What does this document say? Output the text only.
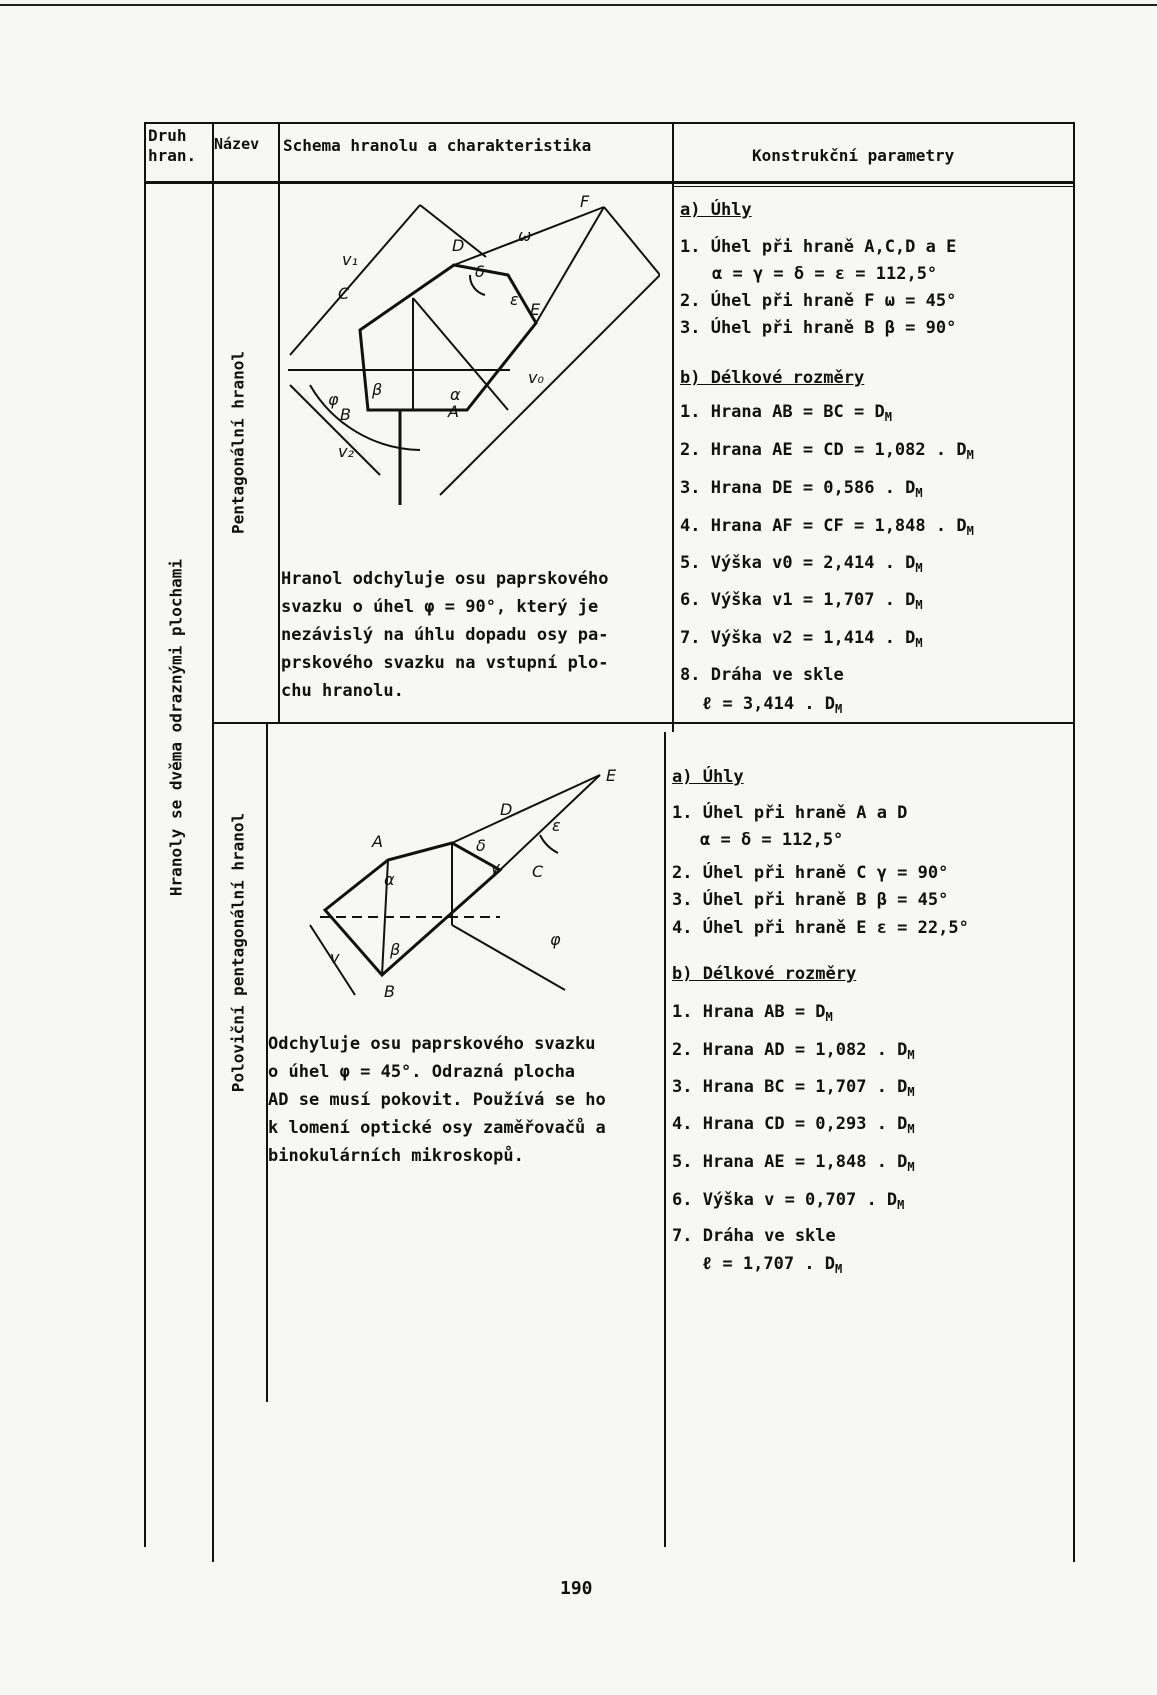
Druh
hran.
Název Schema hranolu a charakteristika
Konstrukční parametry
Hranoly se dvěma odraznými plochami
Pentagonální hranol
Poloviční pentagonální hranol
F
D
C
E
B	A
ω
δ
ε
α
β
v₁
v₀
v₂
φ
Hranol odchyluje osu paprskového
svazku o úhel φ = 90°, který je
nezávislý na úhlu dopadu osy pa-
prskového svazku na vstupní plo-
chu hranolu.
a) Úhly
1. Úhel při hraně A,C,D a E
α = γ = δ = ε = 112,5°
2. Úhel při hraně F ω = 45°
3. Úhel při hraně B β = 90°
b) Délkové rozměry
1. Hrana AB = BC = $D_M$
2. Hrana AE = CD = 1,082 . $D_M$
3. Hrana DE = 0,586 . $D_M$
4. Hrana AF = CF = 1,848 . $D_M$
5. Výška v0 = 2,414 . $D_M$
6. Výška v1 = 1,707 . $D_M$
7. Výška v2 = 1,414 . $D_M$
8. Dráha ve skle
ℓ = 3,414 . $D_M$
E
D
A
C
B
ε
δ
α
γ
β
v
φ
Odchyluje osu paprskového svazku
o úhel φ = 45°. Odrazná plocha
AD se musí pokovit. Používá se ho
k lomení optické osy zaměřovačů a
binokulárních mikroskopů.
a) Úhly
1. Úhel při hraně A a D
α = δ = 112,5°
2. Úhel při hraně C γ = 90°
3. Úhel při hraně B β = 45°
4. Úhel při hraně E ε = 22,5°
b) Délkové rozměry
1. Hrana AB = $D_M$
2. Hrana AD = 1,082 . $D_M$
3. Hrana BC = 1,707 . $D_M$
4. Hrana CD = 0,293 . $D_M$
5. Hrana AE = 1,848 . $D_M$
6. Výška v = 0,707 . $D_M$
7. Dráha ve skle
ℓ = 1,707 . $D_M$
190
